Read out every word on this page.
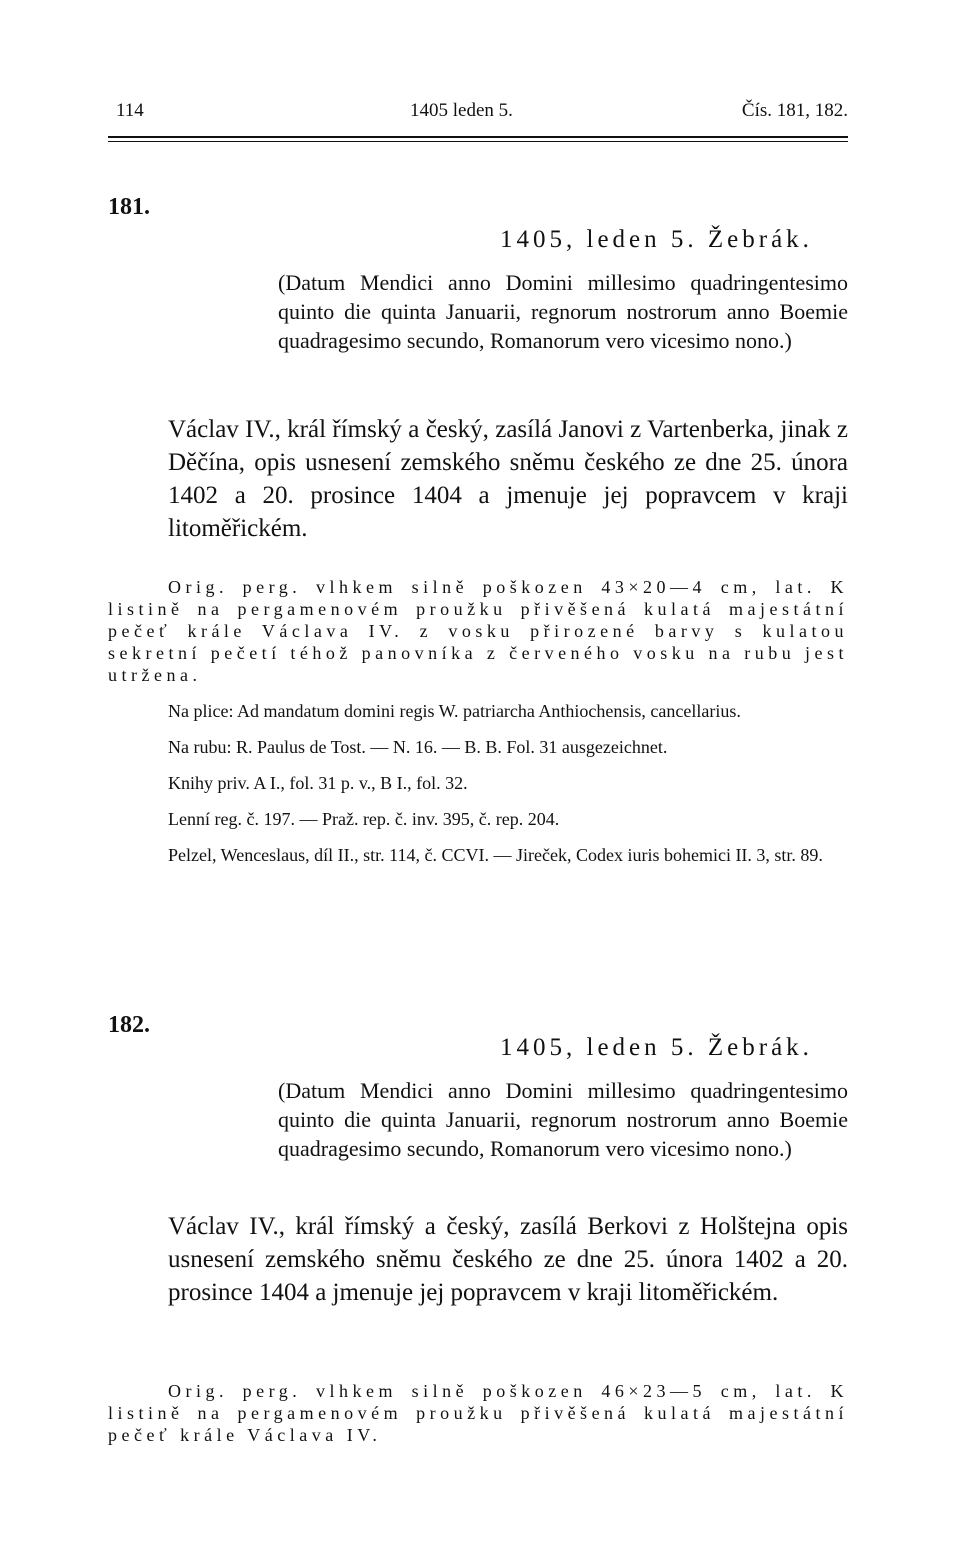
114	1405 leden 5.	Čís. 181, 182.
181.
1405, leden 5. Žebrák.
(Datum Mendici anno Domini millesimo quadringentesimo quinto die quinta Januarii, regnorum nostrorum anno Boemie quadragesimo secundo, Romanorum vero vicesimo nono.)
Václav IV., král římský a český, zasílá Janovi z Vartenberka, jinak z Děčína, opis usnesení zemského sněmu českého ze dne 25. února 1402 a 20. prosince 1404 a jmenuje jej popravcem v kraji litoměřickém.

Orig. perg. vlhkem silně poškozen 43×20—4 cm, lat. K listině na pergamenovém proužku přivěšená kulatá majestátní pečeť krále Václava IV. z vosku přirozené barvy s kulatou sekretní pečetí téhož panovníka z červeného vosku na rubu jest utržena.

Na plice: Ad mandatum domini regis W. patriarcha Anthiochensis, cancellarius.

Na rubu: R. Paulus de Tost. — N. 16. — B. B. Fol. 31 ausgezeichnet.

Knihy priv. A I., fol. 31 p. v., B I., fol. 32.

Lenní reg. č. 197. — Praž. rep. č. inv. 395, č. rep. 204.

Pelzel, Wenceslaus, díl II., str. 114, č. CCVI. — Jireček, Codex iuris bohemici II. 3, str. 89.

182.
1405, leden 5. Žebrák.
(Datum Mendici anno Domini millesimo quadringentesimo quinto die quinta Januarii, regnorum nostrorum anno Boemie quadragesimo secundo, Romanorum vero vicesimo nono.)
Václav IV., král římský a český, zasílá Berkovi z Holštejna opis usnesení zemského sněmu českého ze dne 25. února 1402 a 20. prosince 1404 a jmenuje jej popravcem v kraji litoměřickém.

Orig. perg. vlhkem silně poškozen 46×23—5 cm, lat. K listině na pergamenovém proužku přivěšená kulatá majestátní pečeť krále Václava IV.
